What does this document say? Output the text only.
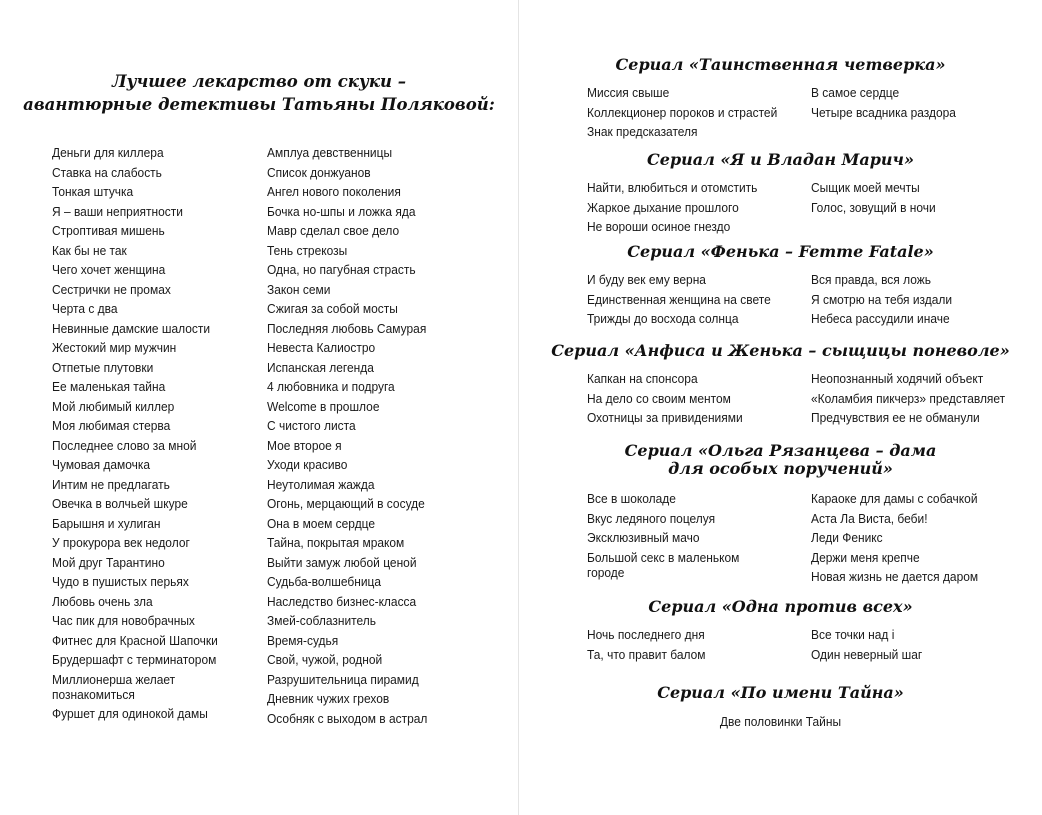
Лучшее лекарство от скуки –
авантюрные детективы Татьяны Поляковой:
Деньги для киллера
Ставка на слабость
Тонкая штучка
Я – ваши неприятности
Строптивая мишень
Как бы не так
Чего хочет женщина
Сестрички не промах
Черта с два
Невинные дамские шалости
Жестокий мир мужчин
Отпетые плутовки
Ее маленькая тайна
Мой любимый киллер
Моя любимая стерва
Последнее слово за мной
Чумовая дамочка
Интим не предлагать
Овечка в волчьей шкуре
Барышня и хулиган
У прокурора век недолог
Мой друг Тарантино
Чудо в пушистых перьях
Любовь очень зла
Час пик для новобрачных
Фитнес для Красной Шапочки
Брудершафт с терминатором
Миллионерша желает познакомиться
Фуршет для одинокой дамы
Амплуа девственницы
Список донжуанов
Ангел нового поколения
Бочка но-шпы и ложка яда
Мавр сделал свое дело
Тень стрекозы
Одна, но пагубная страсть
Закон семи
Сжигая за собой мосты
Последняя любовь Самурая
Невеста Калиостро
Испанская легенда
4 любовника и подруга
Welcome в прошлое
С чистого листа
Мое второе я
Уходи красиво
Неутолимая жажда
Огонь, мерцающий в сосуде
Она в моем сердце
Тайна, покрытая мраком
Выйти замуж любой ценой
Судьба-волшебница
Наследство бизнес-класса
Змей-соблазнитель
Время-судья
Свой, чужой, родной
Разрушительница пирамид
Дневник чужих грехов
Особняк с выходом в астрал
Сериал «Таинственная четверка»
Миссия свыше
Коллекционер пороков и страстей
Знак предсказателя
В самое сердце
Четыре всадника раздора
Сериал «Я и Владан Марич»
Найти, влюбиться и отомстить
Жаркое дыхание прошлого
Не вороши осиное гнездо
Сыщик моей мечты
Голос, зовущий в ночи
Сериал «Фенька – Femme Fatale»
И буду век ему верна
Единственная женщина на свете
Трижды до восхода солнца
Вся правда, вся ложь
Я смотрю на тебя издали
Небеса рассудили иначе
Сериал «Анфиса и Женька – сыщицы поневоле»
Капкан на спонсора
На дело со своим ментом
Охотницы за привидениями
Неопознанный ходячий объект
«Коламбия пикчерз» представляет
Предчувствия ее не обманули
Сериал «Ольга Рязанцева – дама
для особых поручений»
Все в шоколаде
Вкус ледяного поцелуя
Эксклюзивный мачо
Большой секс в маленьком городе
Караоке для дамы с собачкой
Аста Ла Виста, беби!
Леди Феникс
Держи меня крепче
Новая жизнь не дается даром
Сериал «Одна против всех»
Ночь последнего дня
Та, что правит балом
Все точки над i
Один неверный шаг
Сериал «По имени Тайна»
Две половинки Тайны
